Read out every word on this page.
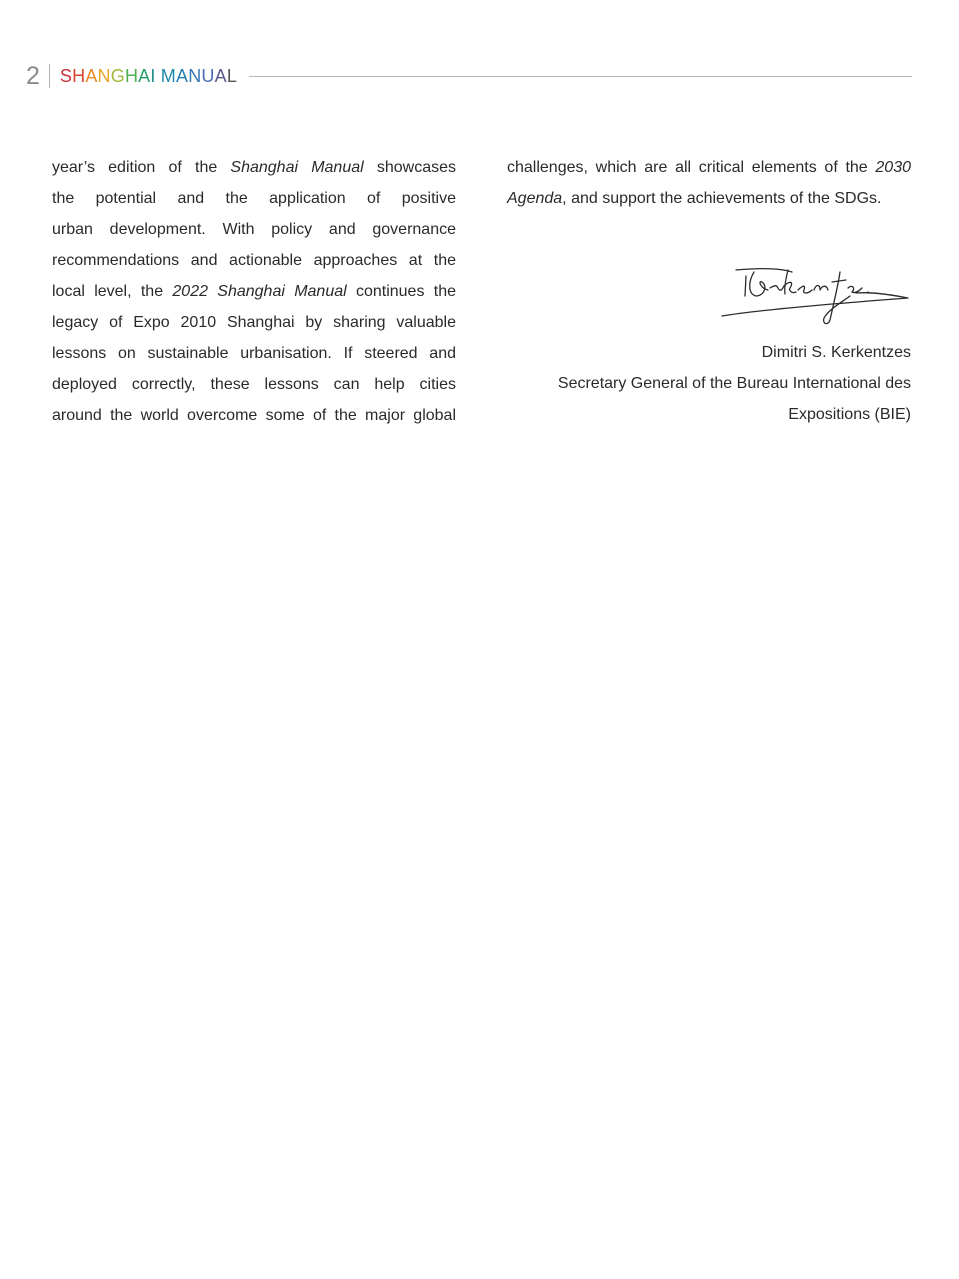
2 SHANGHAI MANUAL
year’s edition of the Shanghai Manual showcases
the potential and the application of positive
urban development. With policy and governance
recommendations and actionable approaches at the
local level, the 2022 Shanghai Manual continues the
legacy of Expo 2010 Shanghai by sharing valuable
lessons on sustainable urbanisation. If steered and
deployed correctly, these lessons can help cities
around the world overcome some of the major global
challenges, which are all critical elements of the 2030
Agenda, and support the achievements of the SDGs.
Dimitri S. Kerkentzes
Secretary General of the Bureau International des
Expositions (BIE)
